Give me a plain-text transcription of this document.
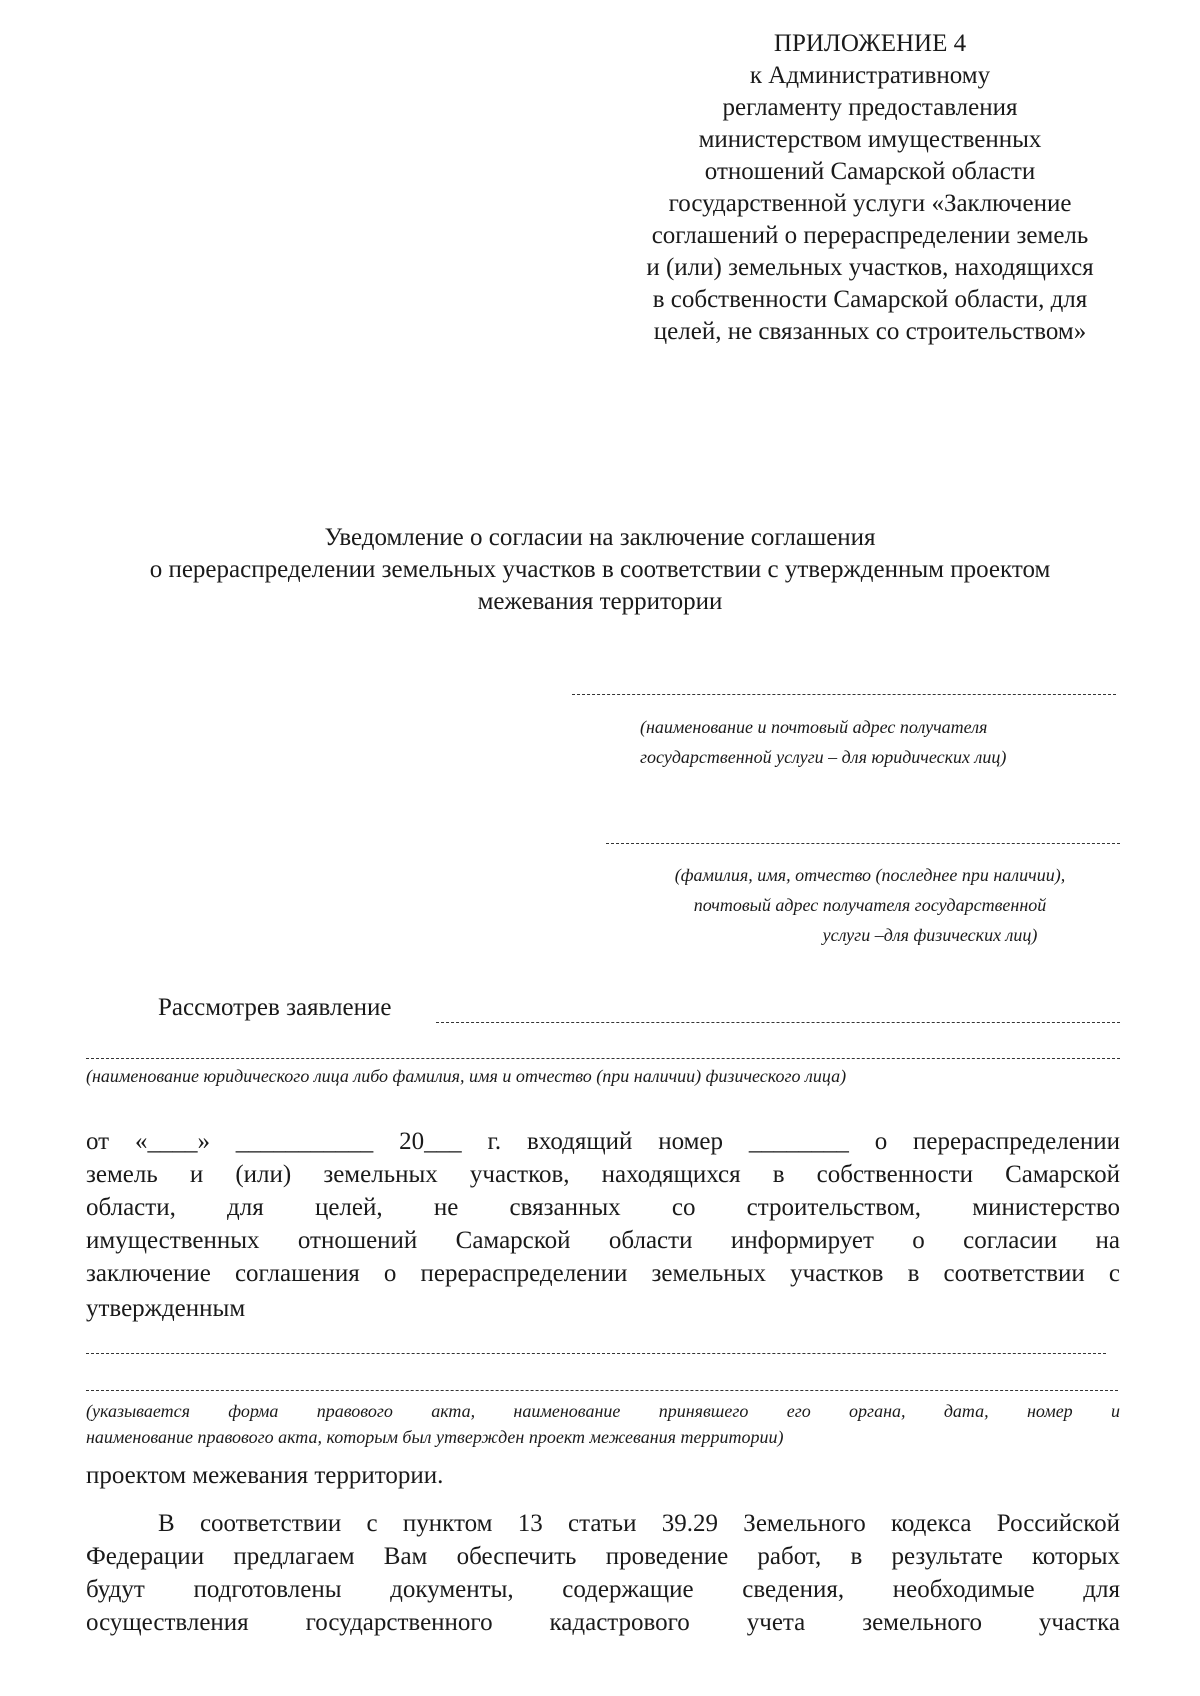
ПРИЛОЖЕНИЕ 4
к Административному
регламенту предоставления
министерством имущественных
отношений Самарской области
государственной услуги «Заключение
соглашений о перераспределении земель
и (или) земельных участков, находящихся
в собственности Самарской области, для
целей, не связанных со строительством»
Уведомление о согласии на заключение соглашения
о перераспределении земельных участков в соответствии с утвержденным проектом
межевания территории
(наименование и почтовый адрес получателя
государственной услуги – для юридических лиц)
(фамилия, имя, отчество (последнее при наличии),
почтовый адрес получателя государственной
услуги –для физических лиц)
Рассмотрев заявление
(наименование юридического лица либо фамилия, имя и отчество (при наличии) физического лица)
от «____» ___________ 20___ г. входящий номер ________ о перераспределении
земель и (или) земельных участков, находящихся в собственности Самарской
области, для целей, не связанных со строительством, министерство
имущественных отношений Самарской области информирует о согласии на
заключение соглашения о перераспределении земельных участков в соответствии с
утвержденным
(указывается форма правового акта, наименование принявшего его органа, дата, номер и
наименование правового акта, которым был утвержден проект межевания территории)
проектом межевания территории.
В соответствии с пунктом 13 статьи 39.29 Земельного кодекса Российской
Федерации предлагаем Вам обеспечить проведение работ, в результате которых
будут подготовлены документы, содержащие сведения, необходимые для
осуществления государственного кадастрового учета земельного участка
